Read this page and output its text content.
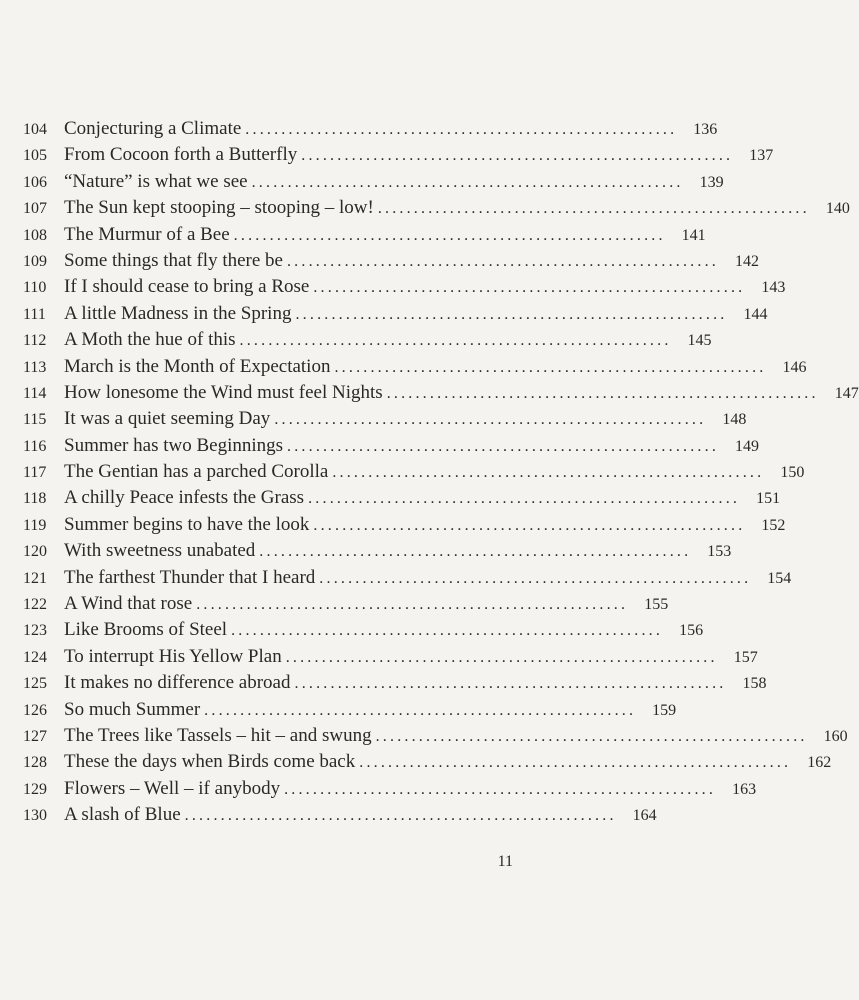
104 Conjecturing a Climate ............................................................	136
105 From Cocoon forth a Butterfly ............................................................	137
106 “Nature” is what we see ............................................................	139
107 The Sun kept stooping – stooping – low! ............................................................	140
108 The Murmur of a Bee ............................................................	141
109 Some things that fly there be ............................................................	142
110 If I should cease to bring a Rose ............................................................	143
111 A little Madness in the Spring ............................................................	144
112 A Moth the hue of this ............................................................	145
113 March is the Month of Expectation ............................................................	146
114 How lonesome the Wind must feel Nights ............................................................	147
115 It was a quiet seeming Day ............................................................	148
116 Summer has two Beginnings ............................................................	149
117 The Gentian has a parched Corolla ............................................................	150
118 A chilly Peace infests the Grass ............................................................	151
119 Summer begins to have the look ............................................................	152
120 With sweetness unabated ............................................................	153
121 The farthest Thunder that I heard ............................................................	154
122 A Wind that rose ............................................................	155
123 Like Brooms of Steel ............................................................	156
124 To interrupt His Yellow Plan ............................................................	157
125 It makes no difference abroad ............................................................	158
126 So much Summer ............................................................	159
127 The Trees like Tassels – hit – and swung ............................................................	160
128 These the days when Birds come back ............................................................	162
129 Flowers – Well – if anybody ............................................................	163
130 A slash of Blue ............................................................	164
11
